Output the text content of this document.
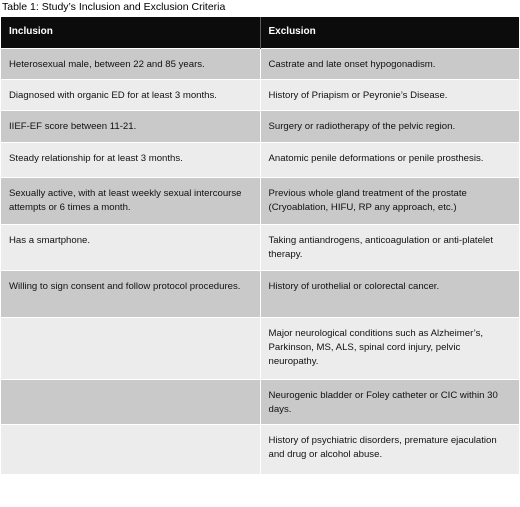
Table 1: Study’s Inclusion and Exclusion Criteria
Inclusion	Exclusion
Heterosexual male, between 22 and 85 years.	Castrate and late onset hypogonadism.
Diagnosed with organic ED for at least 3 months.	History of Priapism or Peyronie’s Disease.
IIEF-EF score between 11-21.	Surgery or radiotherapy of the pelvic region.
Steady relationship for at least 3 months.	Anatomic penile deformations or penile prosthesis.
Sexually active, with at least weekly sexual intercourse attempts or 6 times a month.	Previous whole gland treatment of the prostate (Cryoablation, HIFU, RP any approach, etc.)
Has a smartphone.	Taking antiandrogens, anticoagulation or anti-platelet therapy.
Willing to sign consent and follow protocol procedures.	History of urothelial or colorectal cancer.
	Major neurological conditions such as Alzheimer’s, Parkinson, MS, ALS, spinal cord injury, pelvic neuropathy.
	Neurogenic bladder or Foley catheter or CIC within 30 days.
	History of psychiatric disorders, premature ejaculation and drug or alcohol abuse.
